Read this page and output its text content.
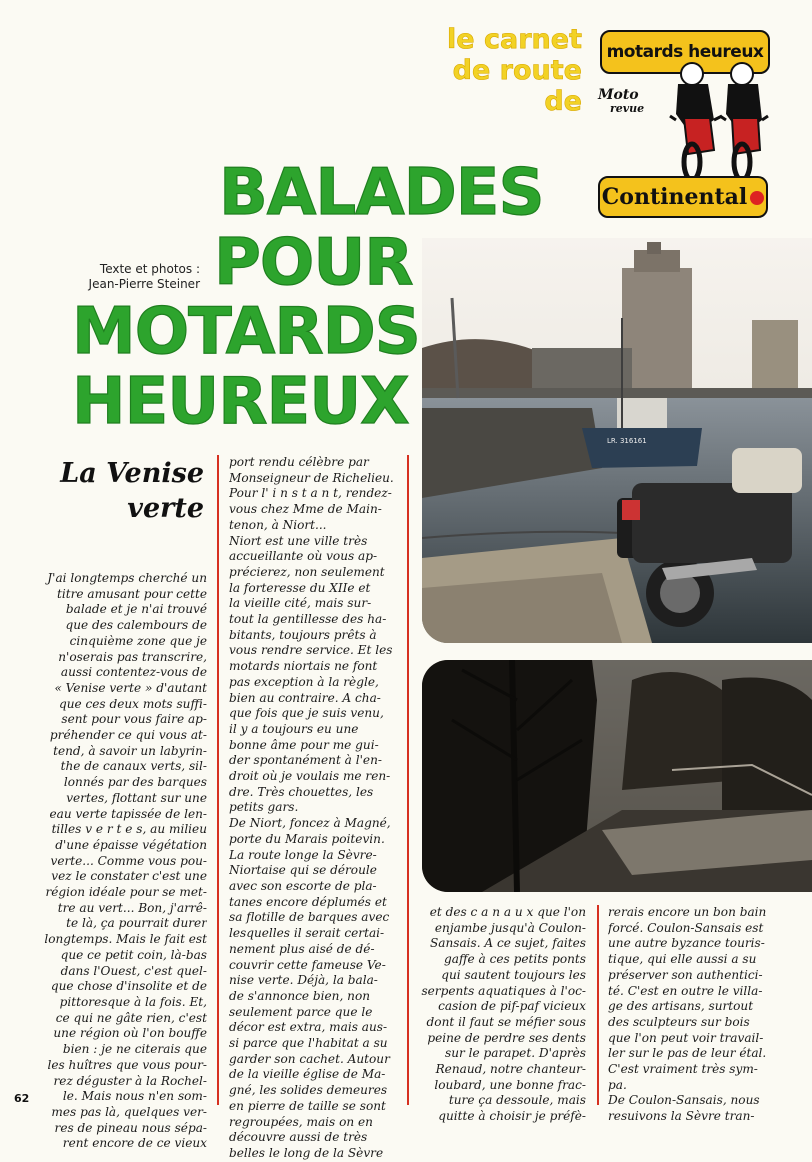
le carnet
de route
de
motards heureux
Moto
revue
Continental
BALADES
POUR
MOTARDS
HEUREUX
Texte et photos :
Jean-Pierre Steiner
LR. 316161
La Venise
verte
J'ai longtemps cherché un
titre amusant pour cette
balade et je n'ai trouvé
que des calembours de
cinquième zone que je
n'oserais pas transcrire,
aussi contentez-vous de
« Venise verte » d'autant
que ces deux mots suffi-
sent pour vous faire ap-
préhender ce qui vous at-
tend, à savoir un labyrin-
the de canaux verts, sil-
lonnés par des barques
vertes, flottant sur une
eau verte tapissée de len-
tilles v e r t e s, au milieu
d'une épaisse végétation
verte... Comme vous pou-
vez le constater c'est une
région idéale pour se met-
tre au vert... Bon, j'arrê-
te là, ça pourrait durer
longtemps. Mais le fait est
que ce petit coin, là-bas
dans l'Ouest, c'est quel-
que chose d'insolite et de
pittoresque à la fois. Et,
ce qui ne gâte rien, c'est
une région où l'on bouffe
bien : je ne citerais que
les huîtres que vous pour-
rez déguster à la Rochel-
le. Mais nous n'en som-
mes pas là, quelques ver-
res de pineau nous sépa-
rent encore de ce vieux
port rendu célèbre par
Monseigneur de Richelieu.
Pour l' i n s t a n t, rendez-
vous chez Mme de Main-
tenon, à Niort...
Niort est une ville très
accueillante où vous ap-
précierez, non seulement
la forteresse du XIIe et
la vieille cité, mais sur-
tout la gentillesse des ha-
bitants, toujours prêts à
vous rendre service. Et les
motards niortais ne font
pas exception à la règle,
bien au contraire. A cha-
que fois que je suis venu,
il y a toujours eu une
bonne âme pour me gui-
der spontanément à l'en-
droit où je voulais me ren-
dre. Très chouettes, les
petits gars.
De Niort, foncez à Magné,
porte du Marais poitevin.
La route longe la Sèvre-
Niortaise qui se déroule
avec son escorte de pla-
tanes encore déplumés et
sa flotille de barques avec
lesquelles il serait certai-
nement plus aisé de dé-
couvrir cette fameuse Ve-
nise verte. Déjà, la bala-
de s'annonce bien, non
seulement parce que le
décor est extra, mais aus-
si parce que l'habitat a su
garder son cachet. Autour
de la vieille église de Ma-
gné, les solides demeures
en pierre de taille se sont
regroupées, mais on en
découvre aussi de très
belles le long de la Sèvre
et des c a n a u x que l'on
enjambe jusqu'à Coulon-
Sansais. A ce sujet, faites
gaffe à ces petits ponts
qui sautent toujours les
serpents aquatiques à l'oc-
casion de pif-paf vicieux
dont il faut se méfier sous
peine de perdre ses dents
sur le parapet. D'après
Renaud, notre chanteur-
loubard, une bonne frac-
ture ça dessoule, mais
quitte à choisir je préfè-
rerais encore un bon bain
forcé. Coulon-Sansais est
une autre byzance touris-
tique, qui elle aussi a su
préserver son authentici-
té. C'est en outre le villa-
ge des artisans, surtout
des sculpteurs sur bois
que l'on peut voir travail-
ler sur le pas de leur étal.
C'est vraiment très sym-
pa.
De Coulon-Sansais, nous
resuivons la Sèvre tran-
62
